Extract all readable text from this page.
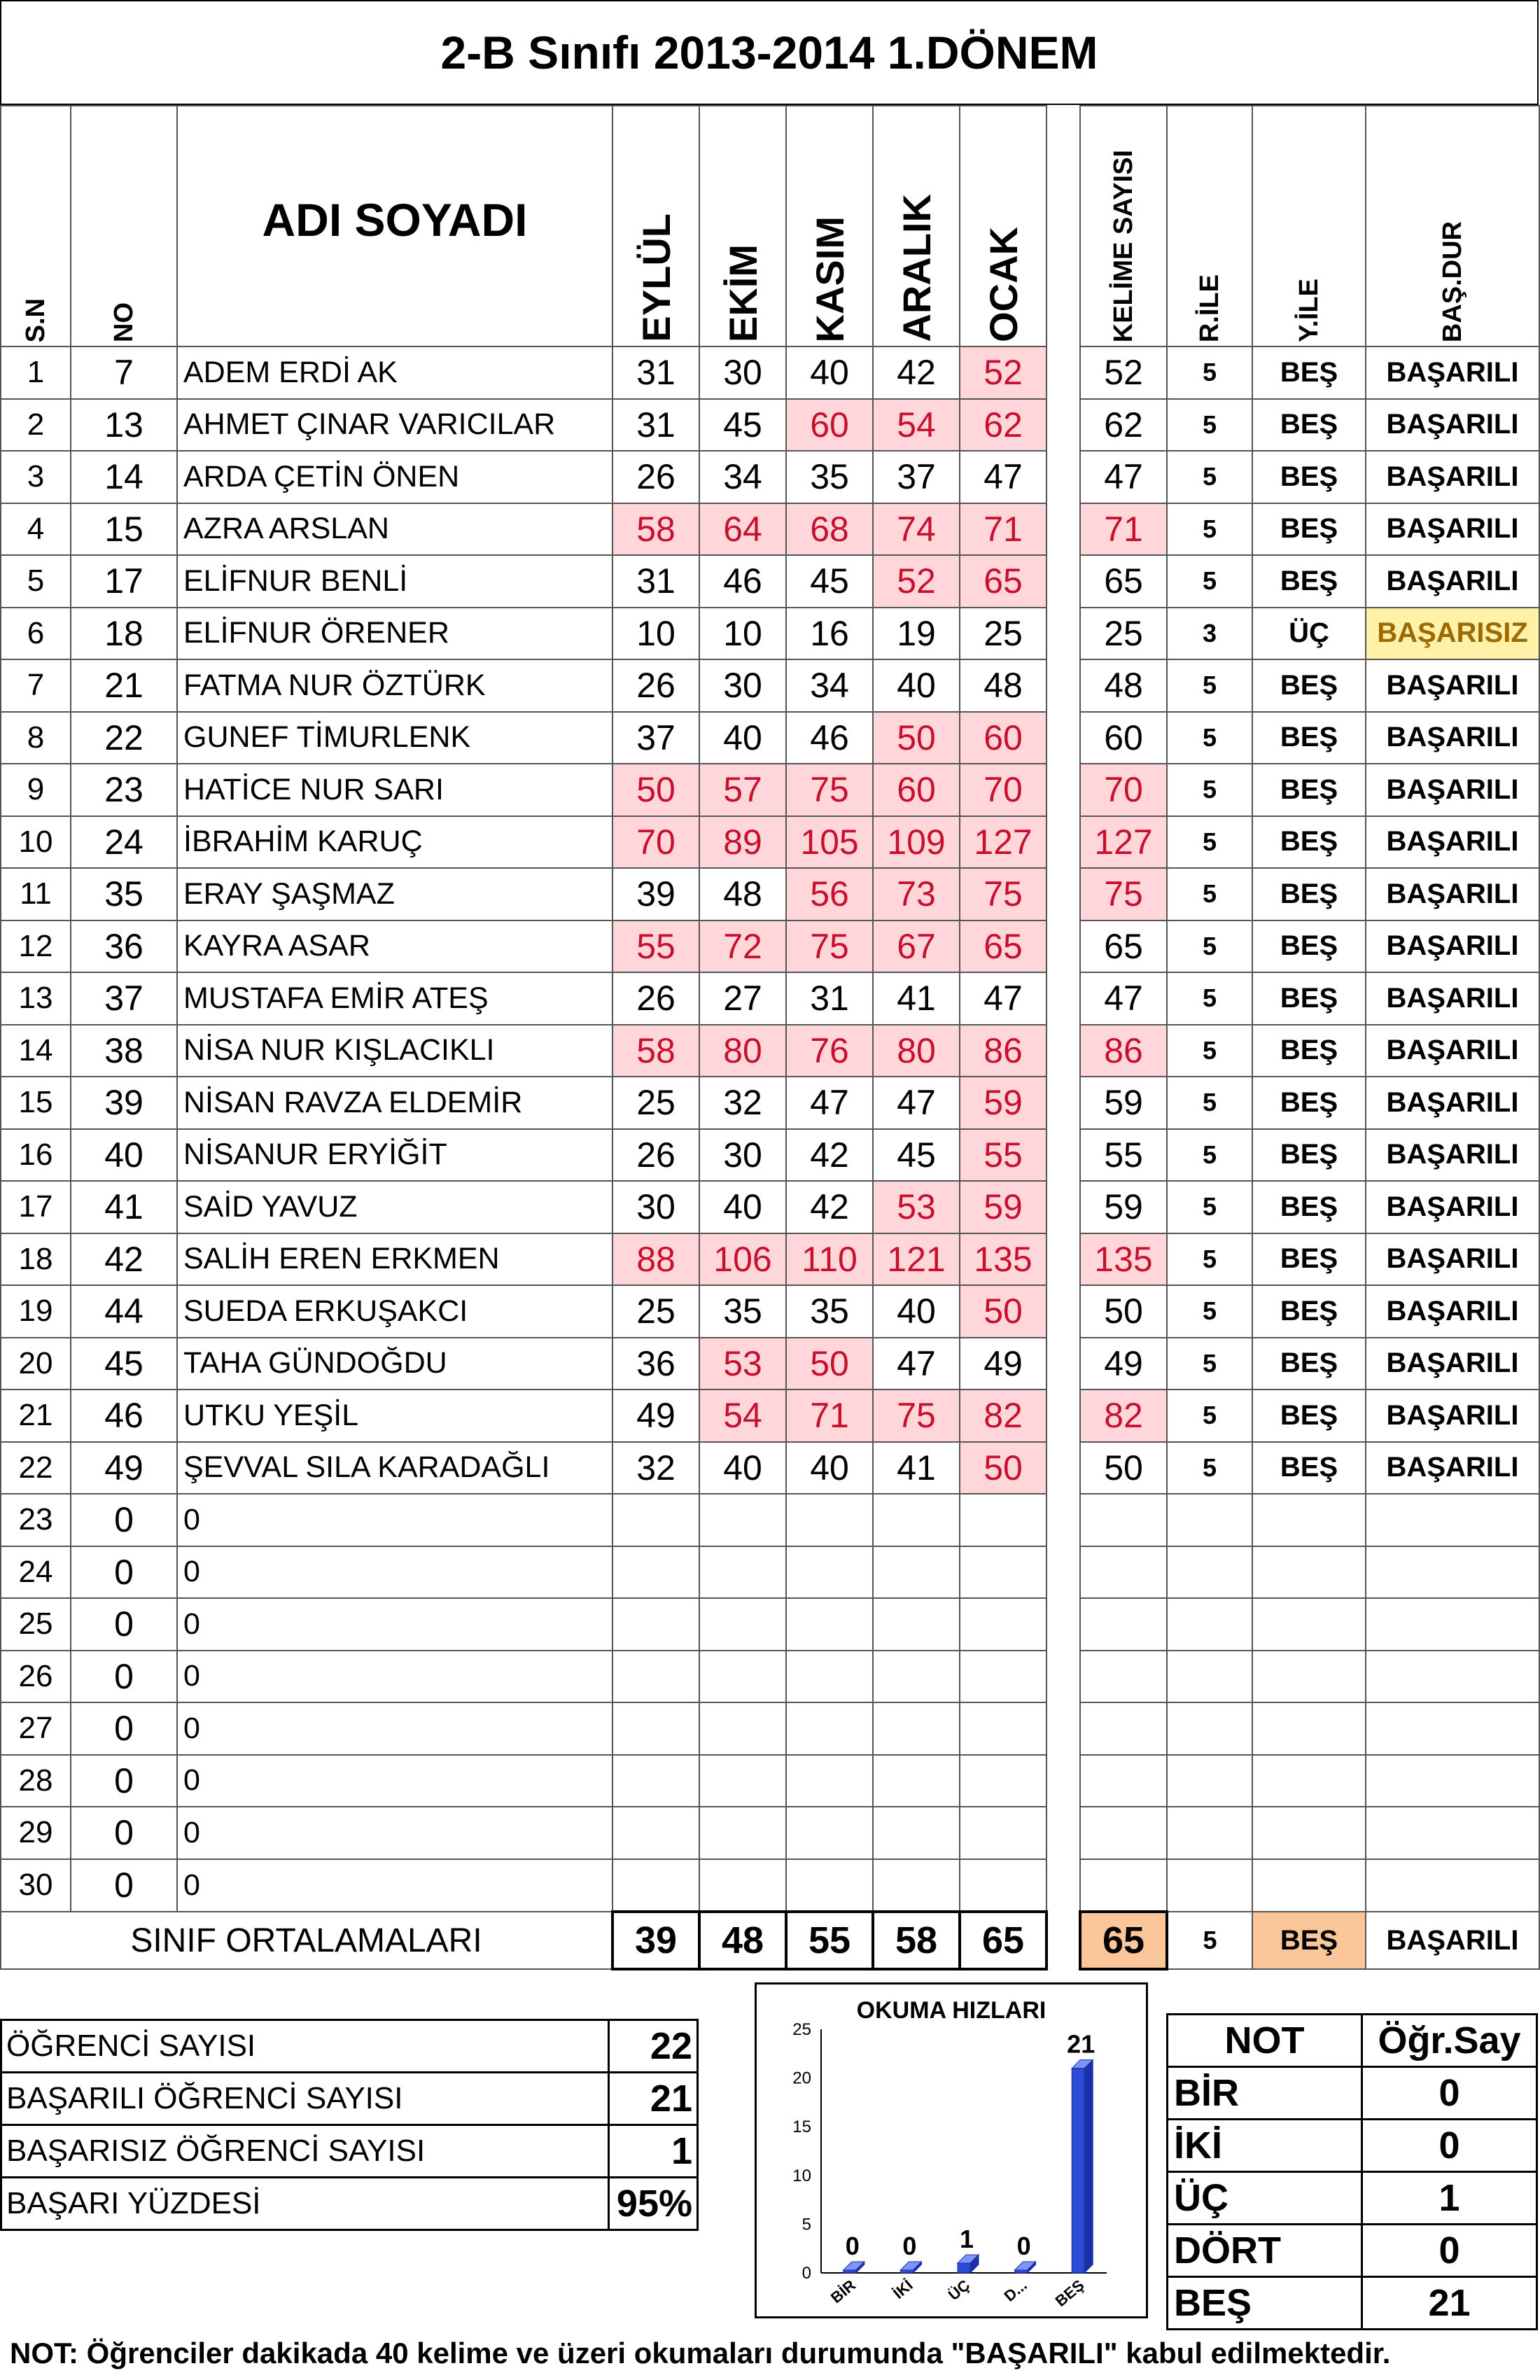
2-B Sınıfı 2013-2014 1.DÖNEM
S.N	NO	ADI SOYADI	EYLÜL	EKİM	KASIM	ARALIK	OCAK		KELİME SAYISI	R.İLE	Y.İLE	BAŞ.DUR
1	7	ADEM ERDİ AK	31	30	40	42	52		52	5	BEŞ	BAŞARILI
2	13	AHMET ÇINAR VARICILAR	31	45	60	54	62		62	5	BEŞ	BAŞARILI
3	14	ARDA ÇETİN ÖNEN	26	34	35	37	47		47	5	BEŞ	BAŞARILI
4	15	AZRA ARSLAN	58	64	68	74	71		71	5	BEŞ	BAŞARILI
5	17	ELİFNUR BENLİ	31	46	45	52	65		65	5	BEŞ	BAŞARILI
6	18	ELİFNUR ÖRENER	10	10	16	19	25		25	3	ÜÇ	BAŞARISIZ
7	21	FATMA NUR ÖZTÜRK	26	30	34	40	48		48	5	BEŞ	BAŞARILI
8	22	GUNEF TİMURLENK	37	40	46	50	60		60	5	BEŞ	BAŞARILI
9	23	HATİCE NUR SARI	50	57	75	60	70		70	5	BEŞ	BAŞARILI
10	24	İBRAHİM KARUÇ	70	89	105	109	127		127	5	BEŞ	BAŞARILI
11	35	ERAY ŞAŞMAZ	39	48	56	73	75		75	5	BEŞ	BAŞARILI
12	36	KAYRA ASAR	55	72	75	67	65		65	5	BEŞ	BAŞARILI
13	37	MUSTAFA EMİR ATEŞ	26	27	31	41	47		47	5	BEŞ	BAŞARILI
14	38	NİSA NUR KIŞLACIKLI	58	80	76	80	86		86	5	BEŞ	BAŞARILI
15	39	NİSAN RAVZA ELDEMİR	25	32	47	47	59		59	5	BEŞ	BAŞARILI
16	40	NİSANUR ERYİĞİT	26	30	42	45	55		55	5	BEŞ	BAŞARILI
17	41	SAİD YAVUZ	30	40	42	53	59		59	5	BEŞ	BAŞARILI
18	42	SALİH EREN ERKMEN	88	106	110	121	135		135	5	BEŞ	BAŞARILI
19	44	SUEDA ERKUŞAKCI	25	35	35	40	50		50	5	BEŞ	BAŞARILI
20	45	TAHA GÜNDOĞDU	36	53	50	47	49		49	5	BEŞ	BAŞARILI
21	46	UTKU YEŞİL	49	54	71	75	82		82	5	BEŞ	BAŞARILI
22	49	ŞEVVAL SILA KARADAĞLI	32	40	40	41	50		50	5	BEŞ	BAŞARILI
23	0	0										
24	0	0										
25	0	0										
26	0	0										
27	0	0										
28	0	0										
29	0	0										
30	0	0										
SINIF ORTALAMALARI			39	48	55	58	65		65	5	BEŞ	BAŞARILI
ÖĞRENCİ SAYISI	22
BAŞARILI ÖĞRENCİ SAYISI	21
BAŞARISIZ ÖĞRENCİ SAYISI	1
BAŞARI YÜZDESİ	95%
OKUMA HIZLARI
0
5
10
15
20
25
0
BİR
0
İKİ
1
ÜÇ
0
D...
21
BEŞ
NOT	Öğr.Say
BİR	0
İKİ	0
ÜÇ	1
DÖRT	0
BEŞ	21
NOT: Öğrenciler dakikada 40 kelime ve üzeri okumaları durumunda "BAŞARILI" kabul edilmektedir.
